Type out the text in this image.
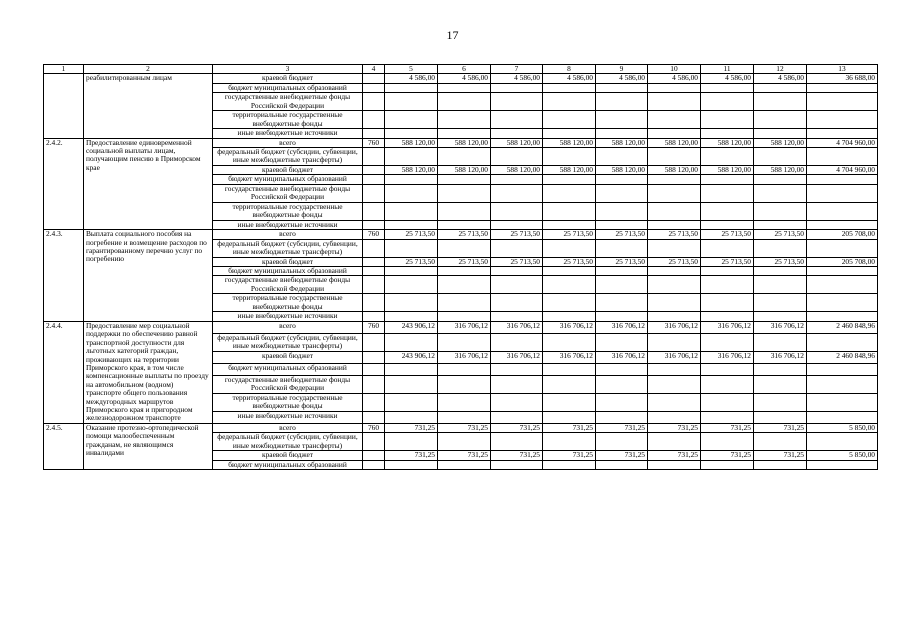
17
1	2	3	4	5	6	7	8	9	10	11	12	13
	реабилитированным лицам	краевой бюджет		4 586,00	4 586,00	4 586,00	4 586,00	4 586,00	4 586,00	4 586,00	4 586,00	36 688,00
		бюджет муниципальных образований										
		государственные внебюджетные фонды Российской Федерации										
		территориальные государственные внебюджетные фонды										
		иные внебюджетные источники										
2.4.2.	Предоставление единовременной социальной выплаты лицам, получающим пенсию в Приморском крае	всего	760	588 120,00	588 120,00	588 120,00	588 120,00	588 120,00	588 120,00	588 120,00	588 120,00	4 704 960,00
		федеральный бюджет (субсидии, субвенции, иные межбюджетные трансферты)										
		краевой бюджет		588 120,00	588 120,00	588 120,00	588 120,00	588 120,00	588 120,00	588 120,00	588 120,00	4 704 960,00
		бюджет муниципальных образований										
		государственные внебюджетные фонды Российской Федерации										
		территориальные государственные внебюджетные фонды										
		иные внебюджетные источники										
2.4.3.	Выплата социального пособия на погребение и возмещение расходов по гарантированному перечню услуг по погребению	всего	760	25 713,50	25 713,50	25 713,50	25 713,50	25 713,50	25 713,50	25 713,50	25 713,50	205 708,00
		федеральный бюджет (субсидии, субвенции, иные межбюджетные трансферты)										
		краевой бюджет		25 713,50	25 713,50	25 713,50	25 713,50	25 713,50	25 713,50	25 713,50	25 713,50	205 708,00
		бюджет муниципальных образований										
		государственные внебюджетные фонды Российской Федерации										
		территориальные государственные внебюджетные фонды										
		иные внебюджетные источники										
2.4.4.	Предоставление мер социальной поддержки по обеспечению равной транспортной доступности для льготных категорий граждан, проживающих на территории Приморского края, в том числе компенсационные выплаты по проезду на автомобильном (водном) транспорте общего пользования междугородных маршрутов Приморского края и пригородном железнодорожном транспорте	всего	760	243 906,12	316 706,12	316 706,12	316 706,12	316 706,12	316 706,12	316 706,12	316 706,12	2 460 848,96
		федеральный бюджет (субсидии, субвенции, иные межбюджетные трансферты)										
		краевой бюджет		243 906,12	316 706,12	316 706,12	316 706,12	316 706,12	316 706,12	316 706,12	316 706,12	2 460 848,96
		бюджет муниципальных образований										
		государственные внебюджетные фонды Российской Федерации										
		территориальные государственные внебюджетные фонды										
		иные внебюджетные источники										
2.4.5.	Оказание протезно-ортопедической помощи малообеспеченным гражданам, не являющимся инвалидами	всего	760	731,25	731,25	731,25	731,25	731,25	731,25	731,25	731,25	5 850,00
		федеральный бюджет (субсидии, субвенции, иные межбюджетные трансферты)										
		краевой бюджет		731,25	731,25	731,25	731,25	731,25	731,25	731,25	731,25	5 850,00
		бюджет муниципальных образований										
